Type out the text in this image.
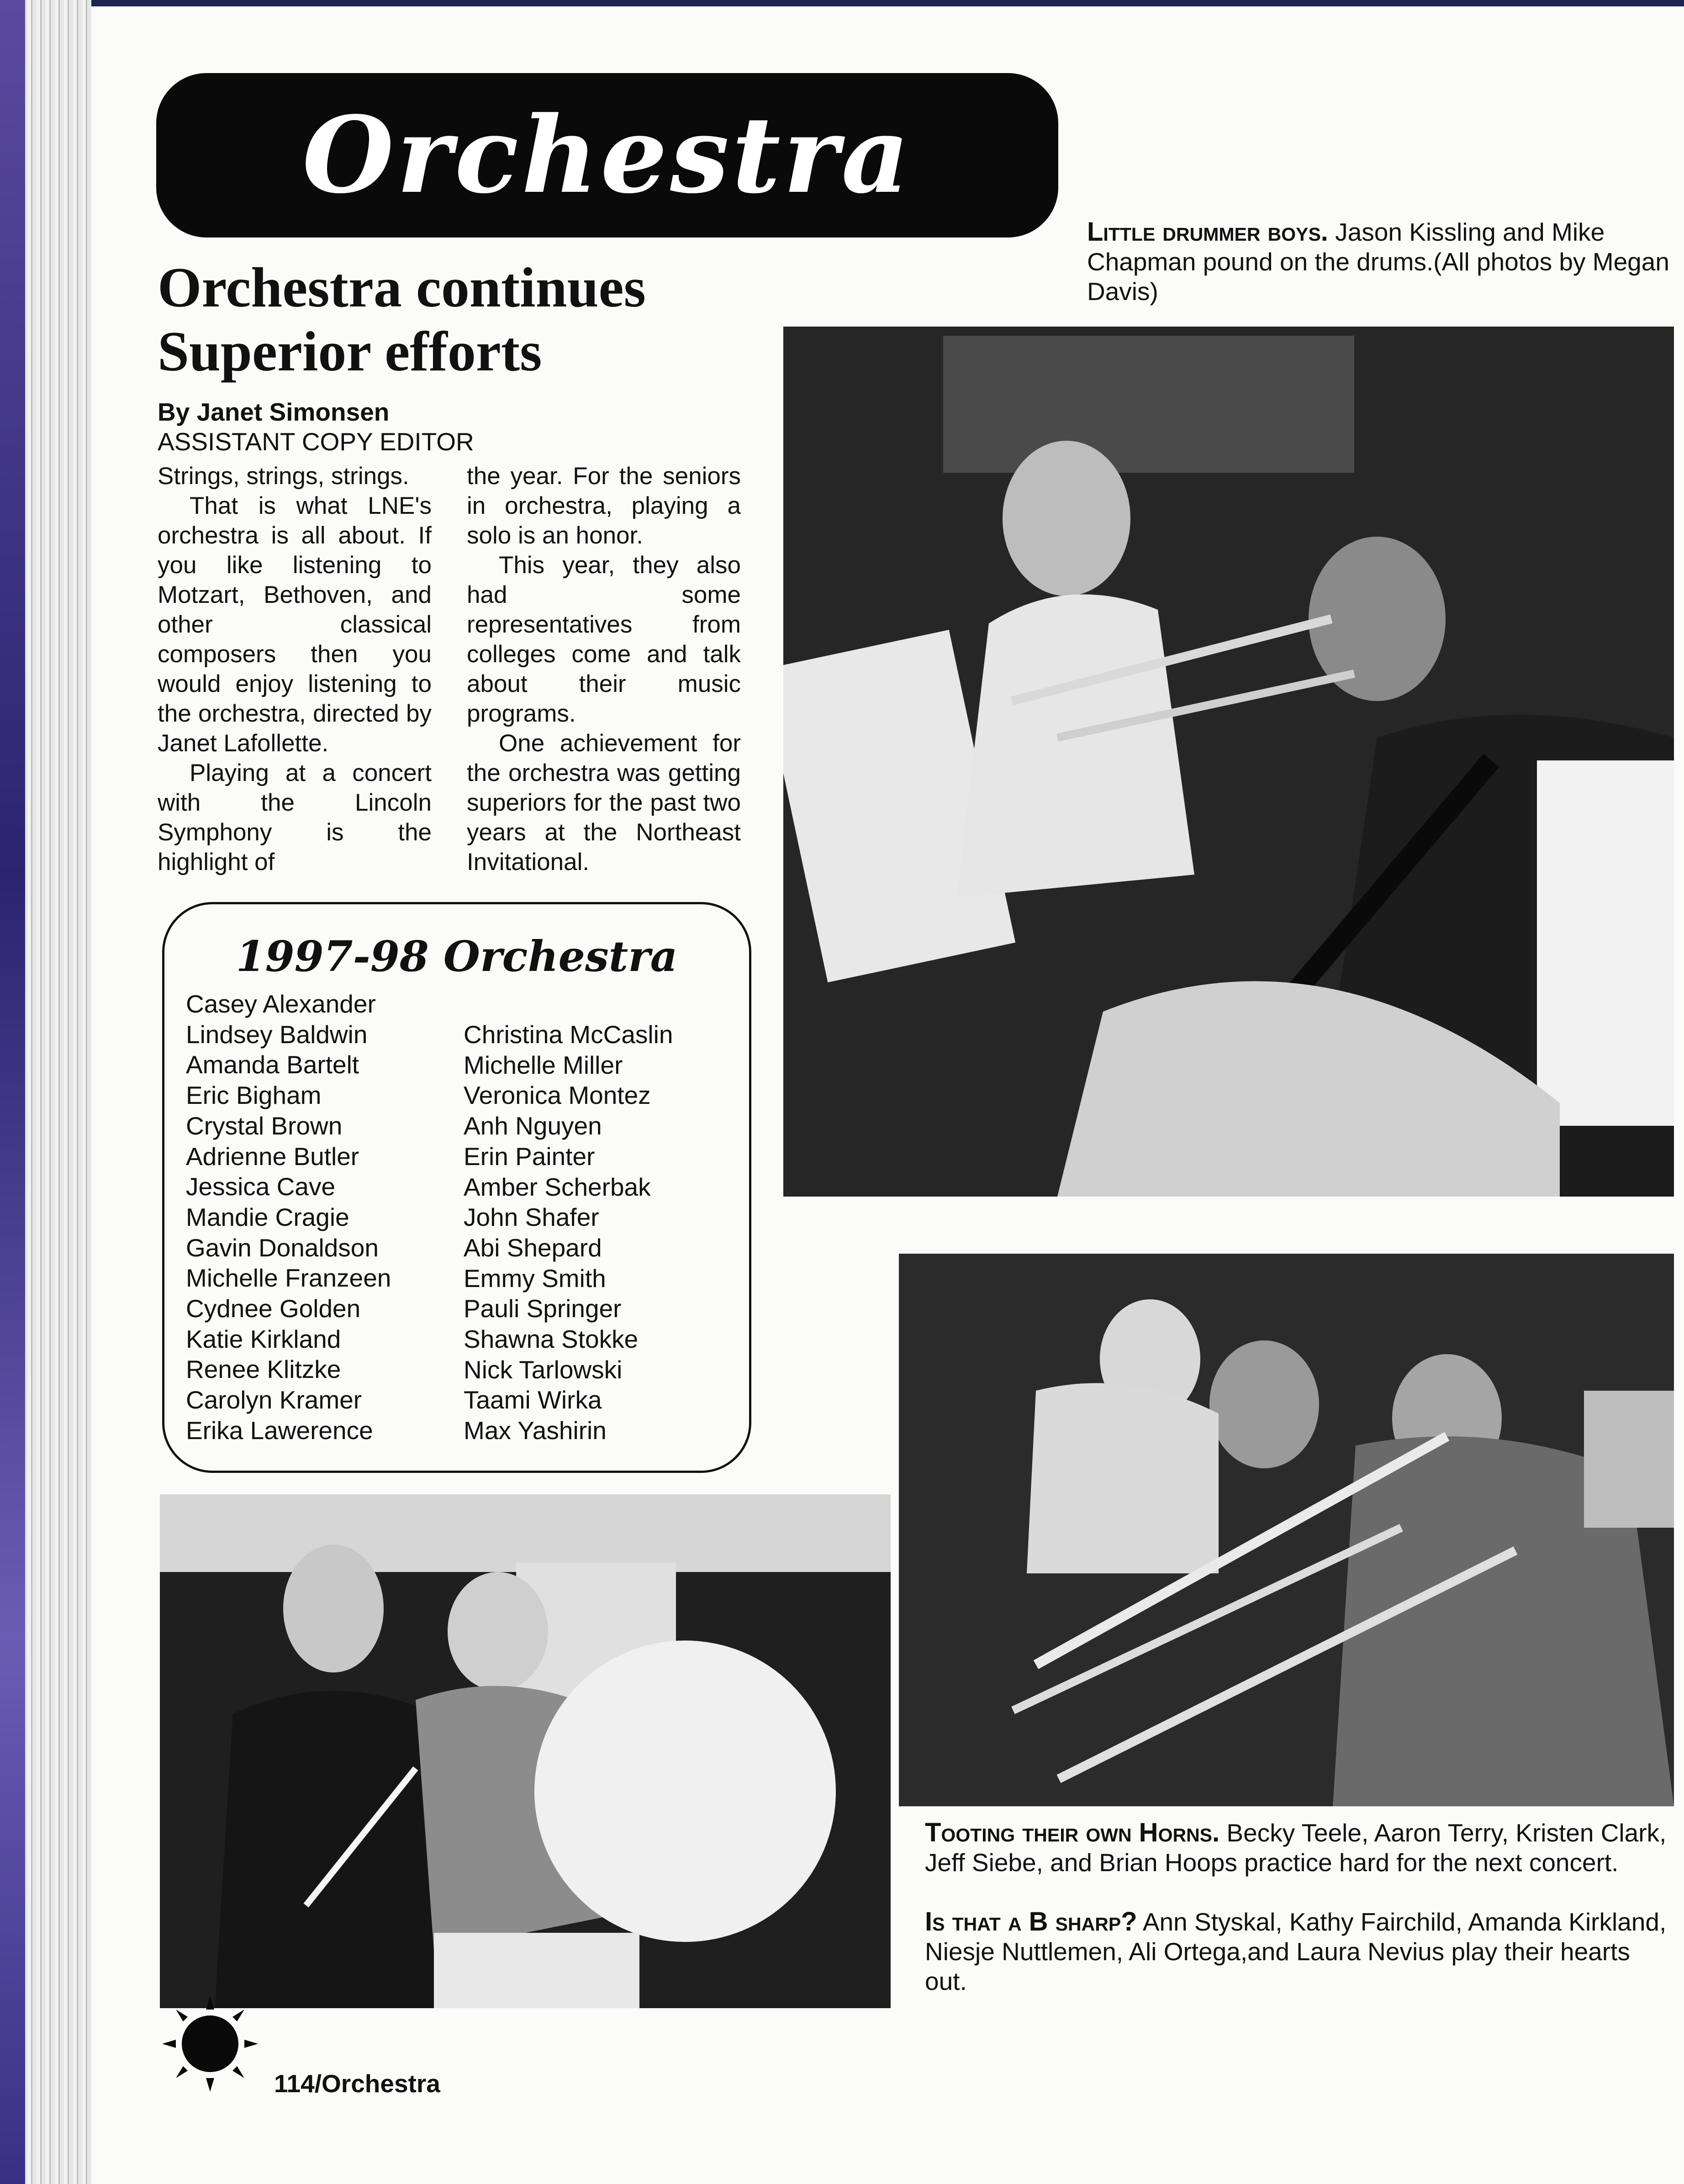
Orchestra
Orchestra continues
Superior efforts
By Janet Simonsen
ASSISTANT COPY EDITOR

Strings, strings, strings.

That is what LNE's orchestra is all about. If you like listening to Motzart, Bethoven, and other classical composers then you would enjoy listening to the orchestra, directed by Janet Lafollette.

Playing at a concert with the Lincoln Symphony is the highlight of

the year. For the seniors in orchestra, playing a solo is an honor.

This year, they also had some representatives from colleges come and talk about their music programs.

One achievement for the orchestra was getting superiors for the past two years at the Northeast Invitational.

1997-98 Orchestra
Casey Alexander
Lindsey Baldwin
Amanda Bartelt
Eric Bigham
Crystal Brown
Adrienne Butler
Jessica Cave
Mandie Cragie
Gavin Donaldson
Michelle Franzeen
Cydnee Golden
Katie Kirkland
Renee Klitzke
Carolyn Kramer
Erika Lawerence
Christina McCaslin
Michelle Miller
Veronica Montez
Anh Nguyen
Erin Painter
Amber Scherbak
John Shafer
Abi Shepard
Emmy Smith
Pauli Springer
Shawna Stokke
Nick Tarlowski
Taami Wirka
Max Yashirin
Little drummer boys. Jason Kissling and Mike Chapman pound on the drums.(All photos by Megan Davis)
Tooting their own Horns. Becky Teele, Aaron Terry, Kristen Clark, Jeff Siebe, and Brian Hoops practice hard for the next concert.
Is that a B sharp? Ann Styskal, Kathy Fairchild, Amanda Kirkland, Niesje Nuttlemen, Ali Ortega,and Laura Nevius play their hearts out.
114/Orchestra
